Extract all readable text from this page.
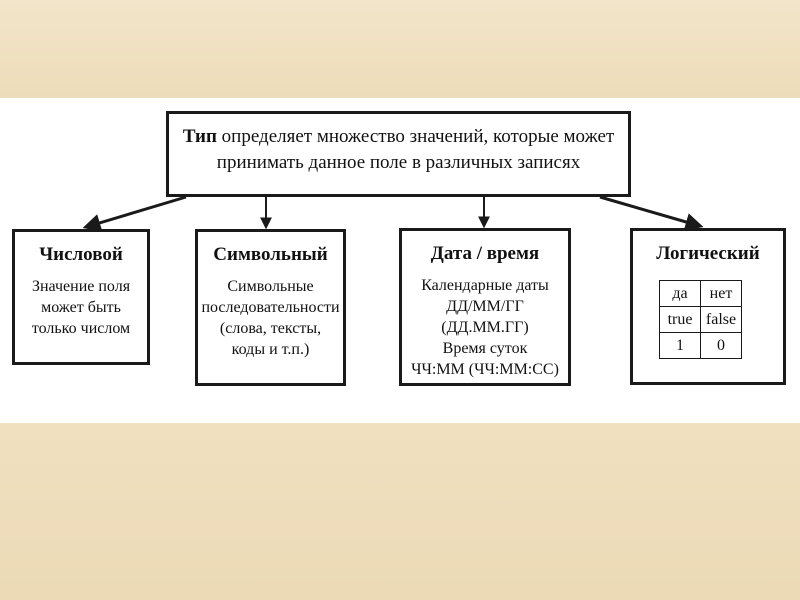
Тип определяет множество значений, которые может
принимать данное поле в различных записях
Числовой
Значение поля
может быть
только числом
Символьный
Символьные
последовательности
(слова, тексты,
коды и т.п.)
Дата / время
Календарные даты
ДД/ММ/ГГ (ДД.ММ.ГГ)
Время суток
ЧЧ:ММ (ЧЧ:ММ:СС)
Логический
да	нет
true	false
1	0
